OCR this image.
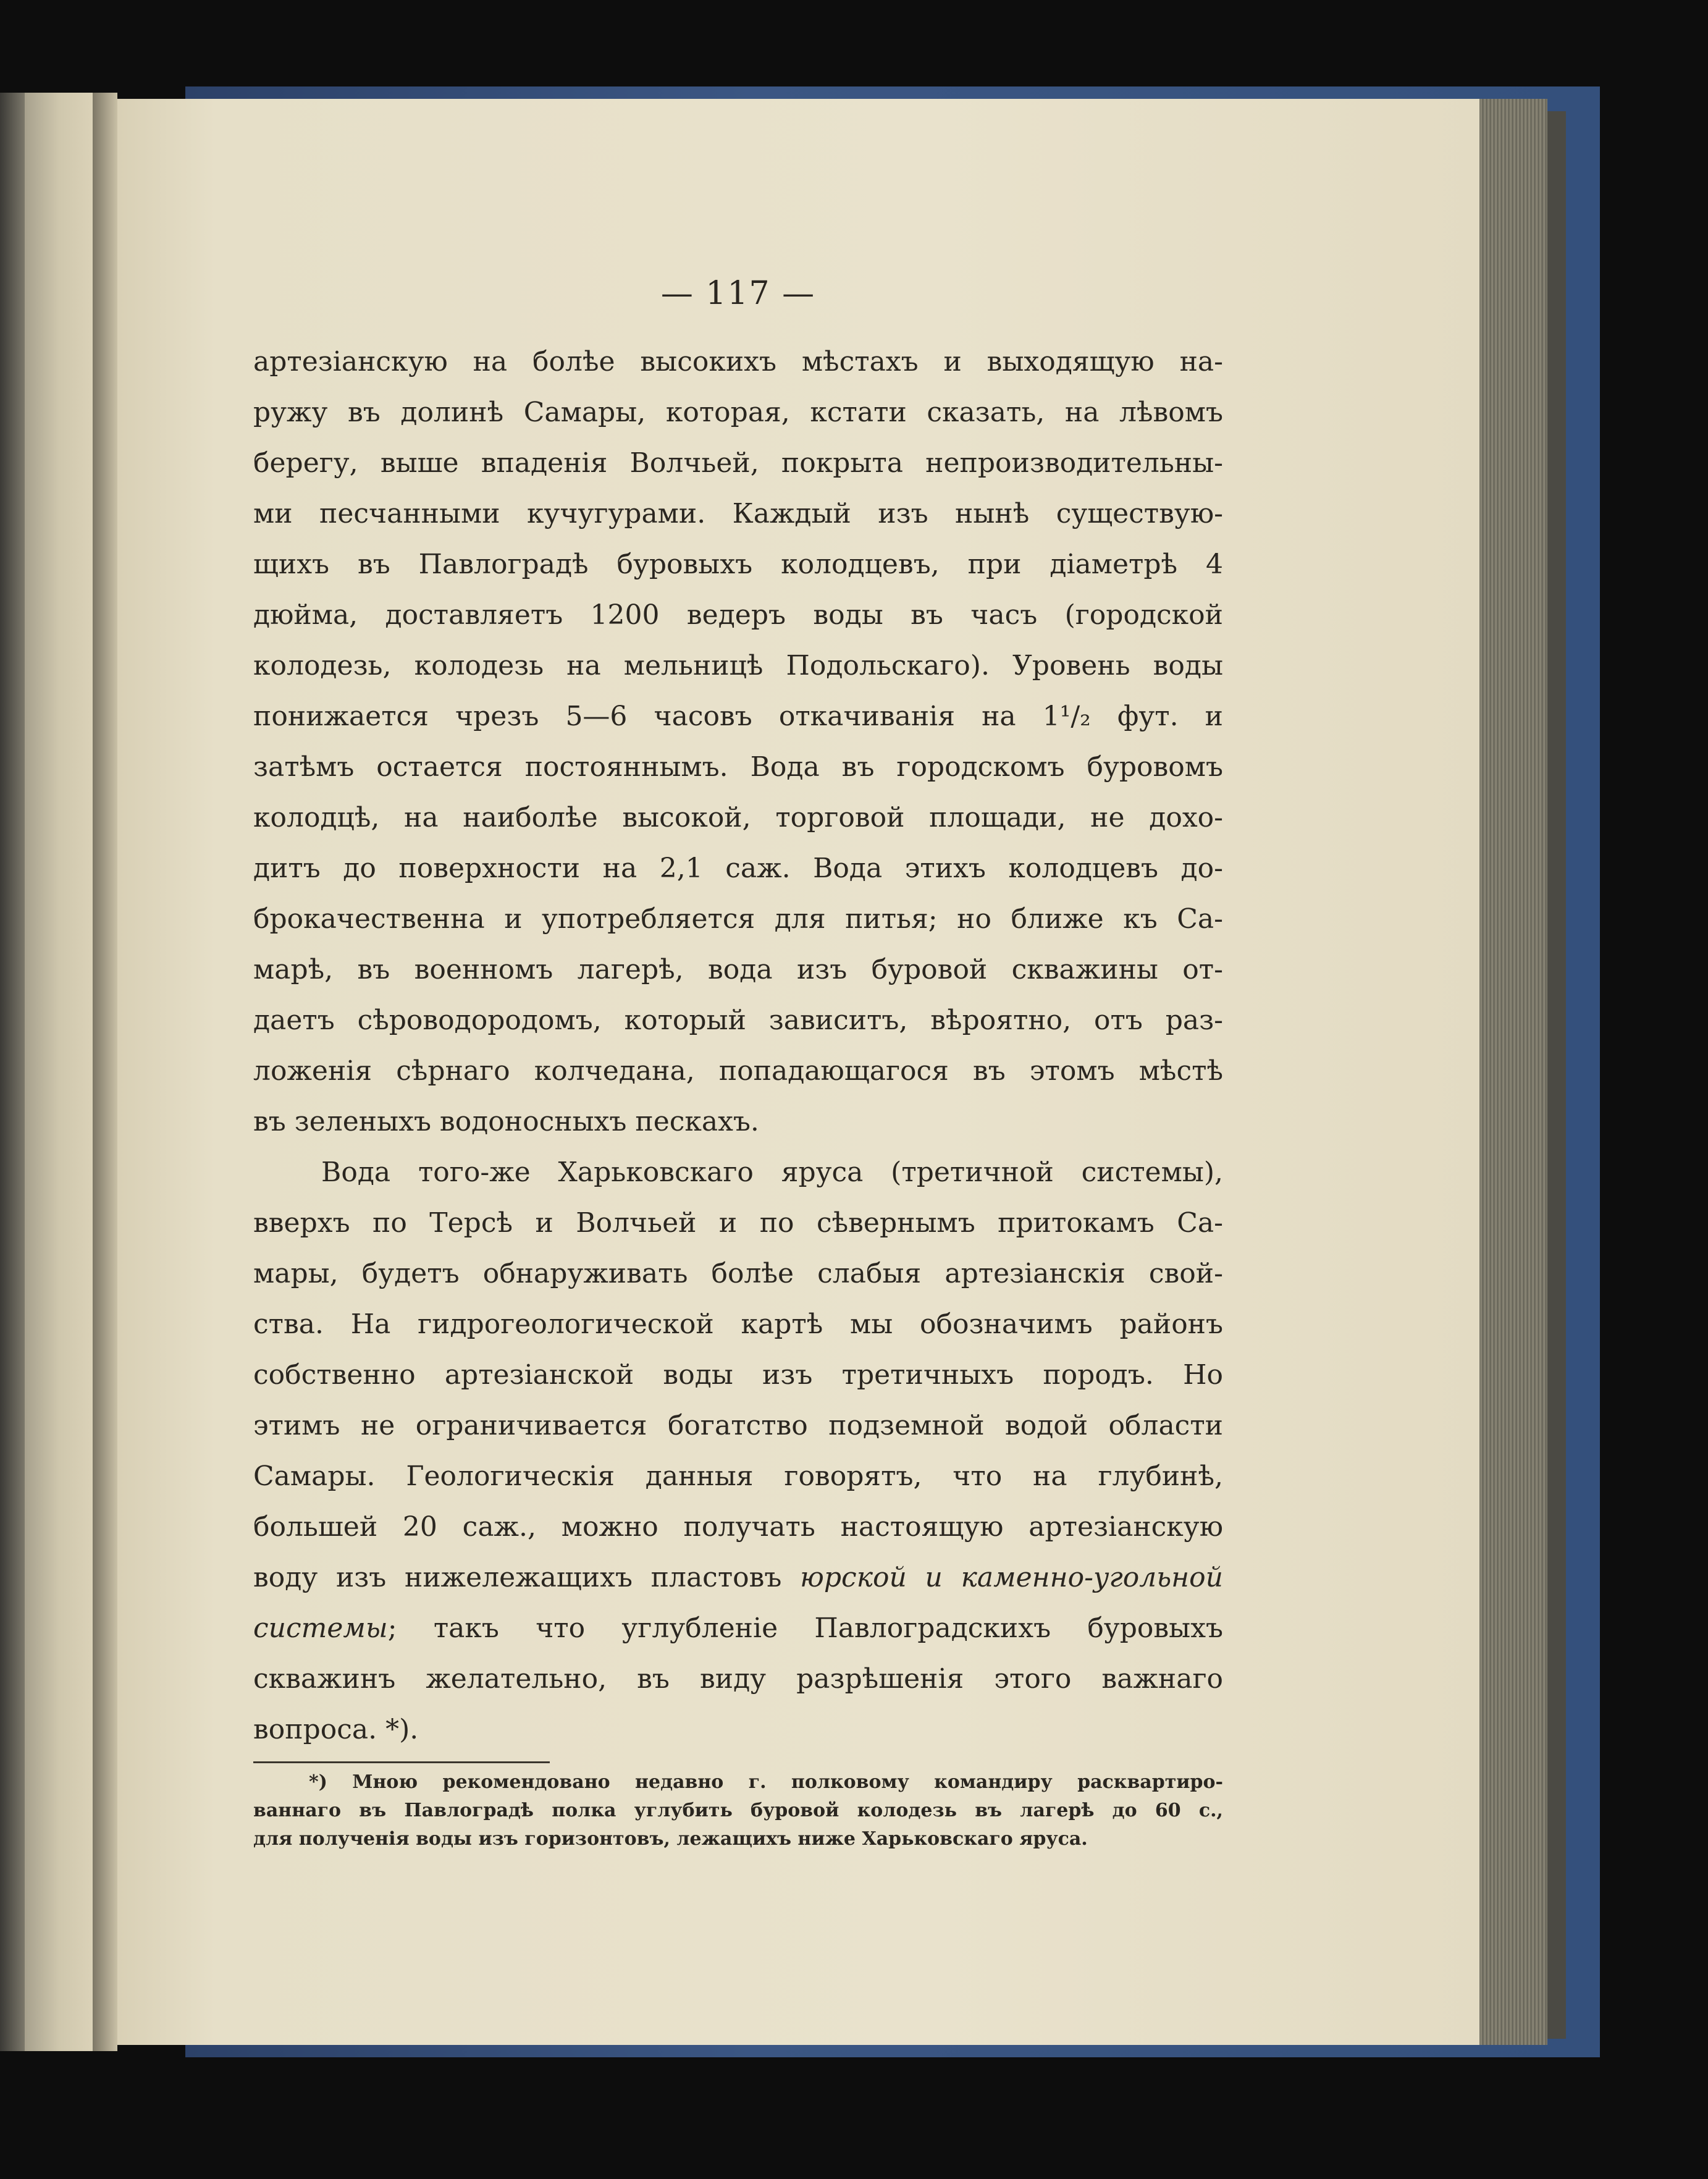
— 117 —
артезіанскую на болѣе высокихъ мѣстахъ и выходящую на-
ружу въ долинѣ Самары, которая, кстати сказать, на лѣвомъ
берегу, выше впаденія Волчьей, покрыта непроизводительны-
ми песчанными кучугурами. Каждый изъ нынѣ существую-
щихъ въ Павлоградѣ буровыхъ колодцевъ, при діаметрѣ 4
дюйма, доставляетъ 1200 ведеръ воды въ часъ (городской
колодезь, колодезь на мельницѣ Подольскаго). Уровень воды
понижается чрезъ 5—6 часовъ откачиванія на 1¹/₂ фут. и
затѣмъ остается постояннымъ. Вода въ городскомъ буровомъ
колодцѣ, на наиболѣе высокой, торговой площади, не дохо-
дитъ до поверхности на 2,1 саж. Вода этихъ колодцевъ до-
брокачественна и употребляется для питья; но ближе къ Са-
марѣ, въ военномъ лагерѣ, вода изъ буровой скважины от-
даетъ сѣроводородомъ, который зависитъ, вѣроятно, отъ раз-
ложенія сѣрнаго колчедана, попадающагося въ этомъ мѣстѣ
въ зеленыхъ водоносныхъ пескахъ.
Вода того-же Харьковскаго яруса (третичной системы),
вверхъ по Терсѣ и Волчьей и по сѣвернымъ притокамъ Са-
мары, будетъ обнаруживать болѣе слабыя артезіанскія свой-
ства. На гидрогеологической картѣ мы обозначимъ районъ
собственно артезіанской воды изъ третичныхъ породъ. Но
этимъ не ограничивается богатство подземной водой области
Самары. Геологическія данныя говорятъ, что на глубинѣ,
большей 20 саж., можно получать настоящую артезіанскую
воду изъ нижележащихъ пластовъ юрской и каменно-угольной
системы; такъ что углубленіе Павлоградскихъ буровыхъ
скважинъ желательно, въ виду разрѣшенія этого важнаго
вопроса. *).
*) Мною рекомендовано недавно г. полковому командиру расквартиро-
ваннаго въ Павлоградѣ полка углубить буровой колодезь въ лагерѣ до 60 с.,
для полученія воды изъ горизонтовъ, лежащихъ ниже Харьковскаго яруса.
